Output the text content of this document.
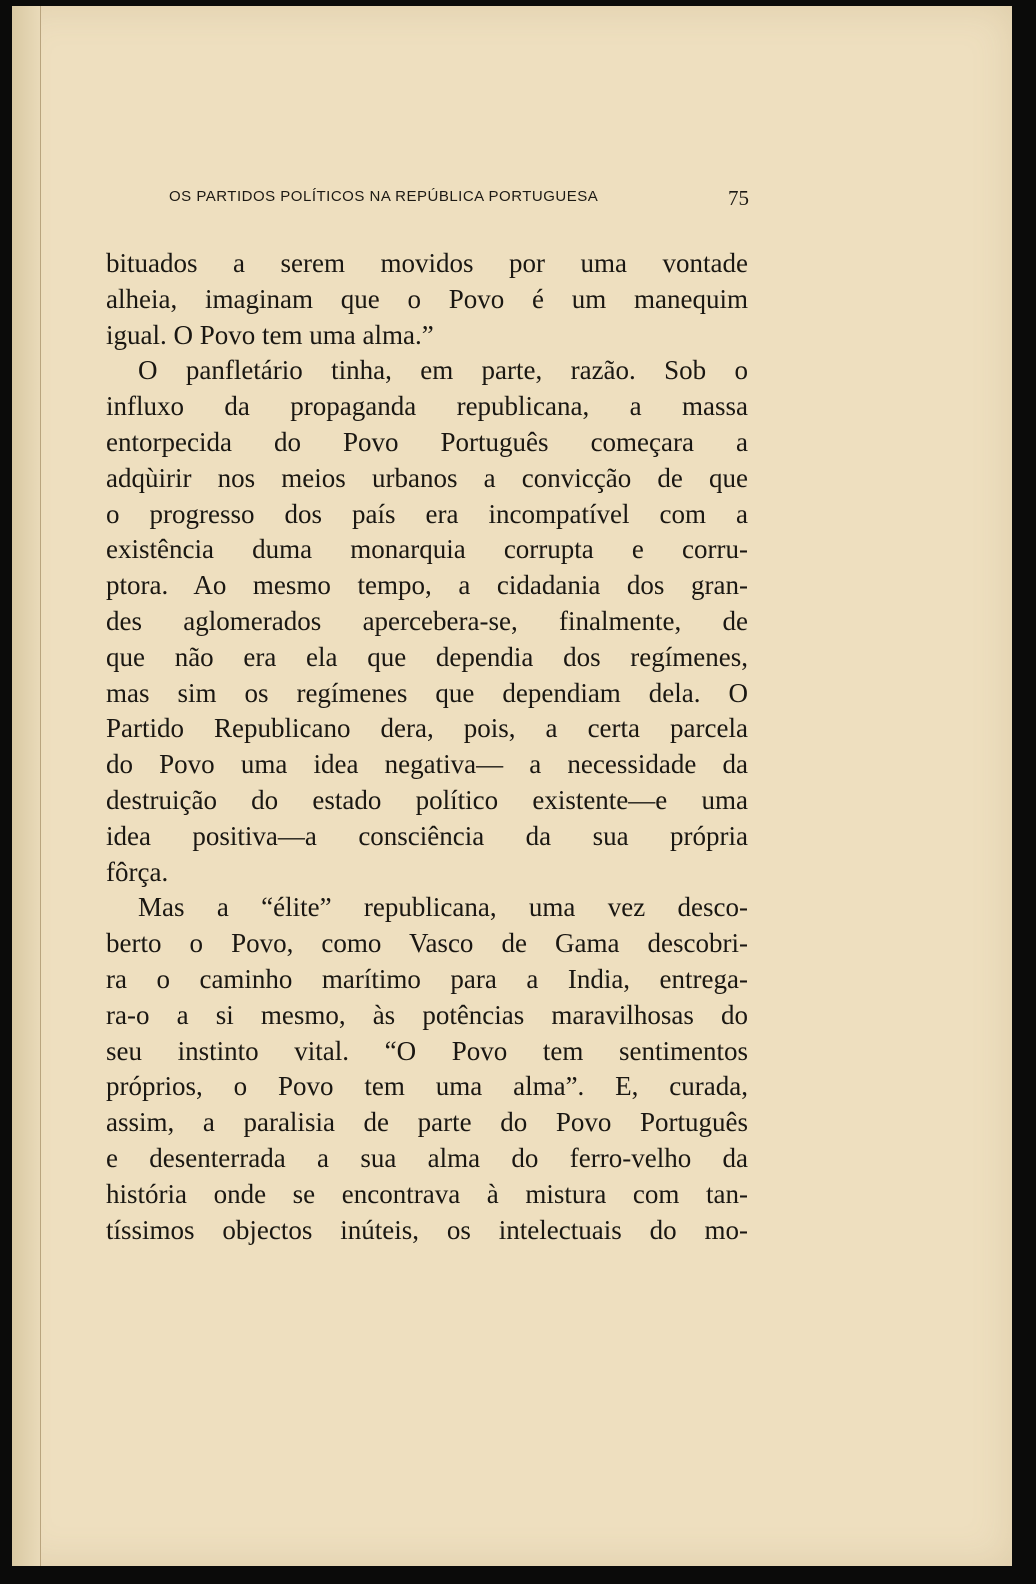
OS PARTIDOS POLÍTICOS NA REPÚBLICA PORTUGUESA	75
bituados a serem movidos por uma vontade
alheia, imaginam que o Povo é um manequim
igual. O Povo tem uma alma.”
O panfletário tinha, em parte, razão. Sob o
influxo da propaganda republicana, a massa
entorpecida do Povo Português começara a
adqùirir nos meios urbanos a convicção de que
o progresso dos país era incompatível com a
existência duma monarquia corrupta e corru-
ptora. Ao mesmo tempo, a cidadania dos gran-
des aglomerados apercebera-se, finalmente, de
que não era ela que dependia dos regímenes,
mas sim os regímenes que dependiam dela. O
Partido Republicano dera, pois, a certa parcela
do Povo uma idea negativa— a necessidade da
destruição do estado político existente—e uma
idea positiva—a consciência da sua própria
fôrça.
Mas a “élite” republicana, uma vez desco-
berto o Povo, como Vasco de Gama descobri-
ra o caminho marítimo para a India, entrega-
ra-o a si mesmo, às potências maravilhosas do
seu instinto vital. “O Povo tem sentimentos
próprios, o Povo tem uma alma”. E, curada,
assim, a paralisia de parte do Povo Português
e desenterrada a sua alma do ferro-velho da
história onde se encontrava à mistura com tan-
tíssimos objectos inúteis, os intelectuais do mo-
